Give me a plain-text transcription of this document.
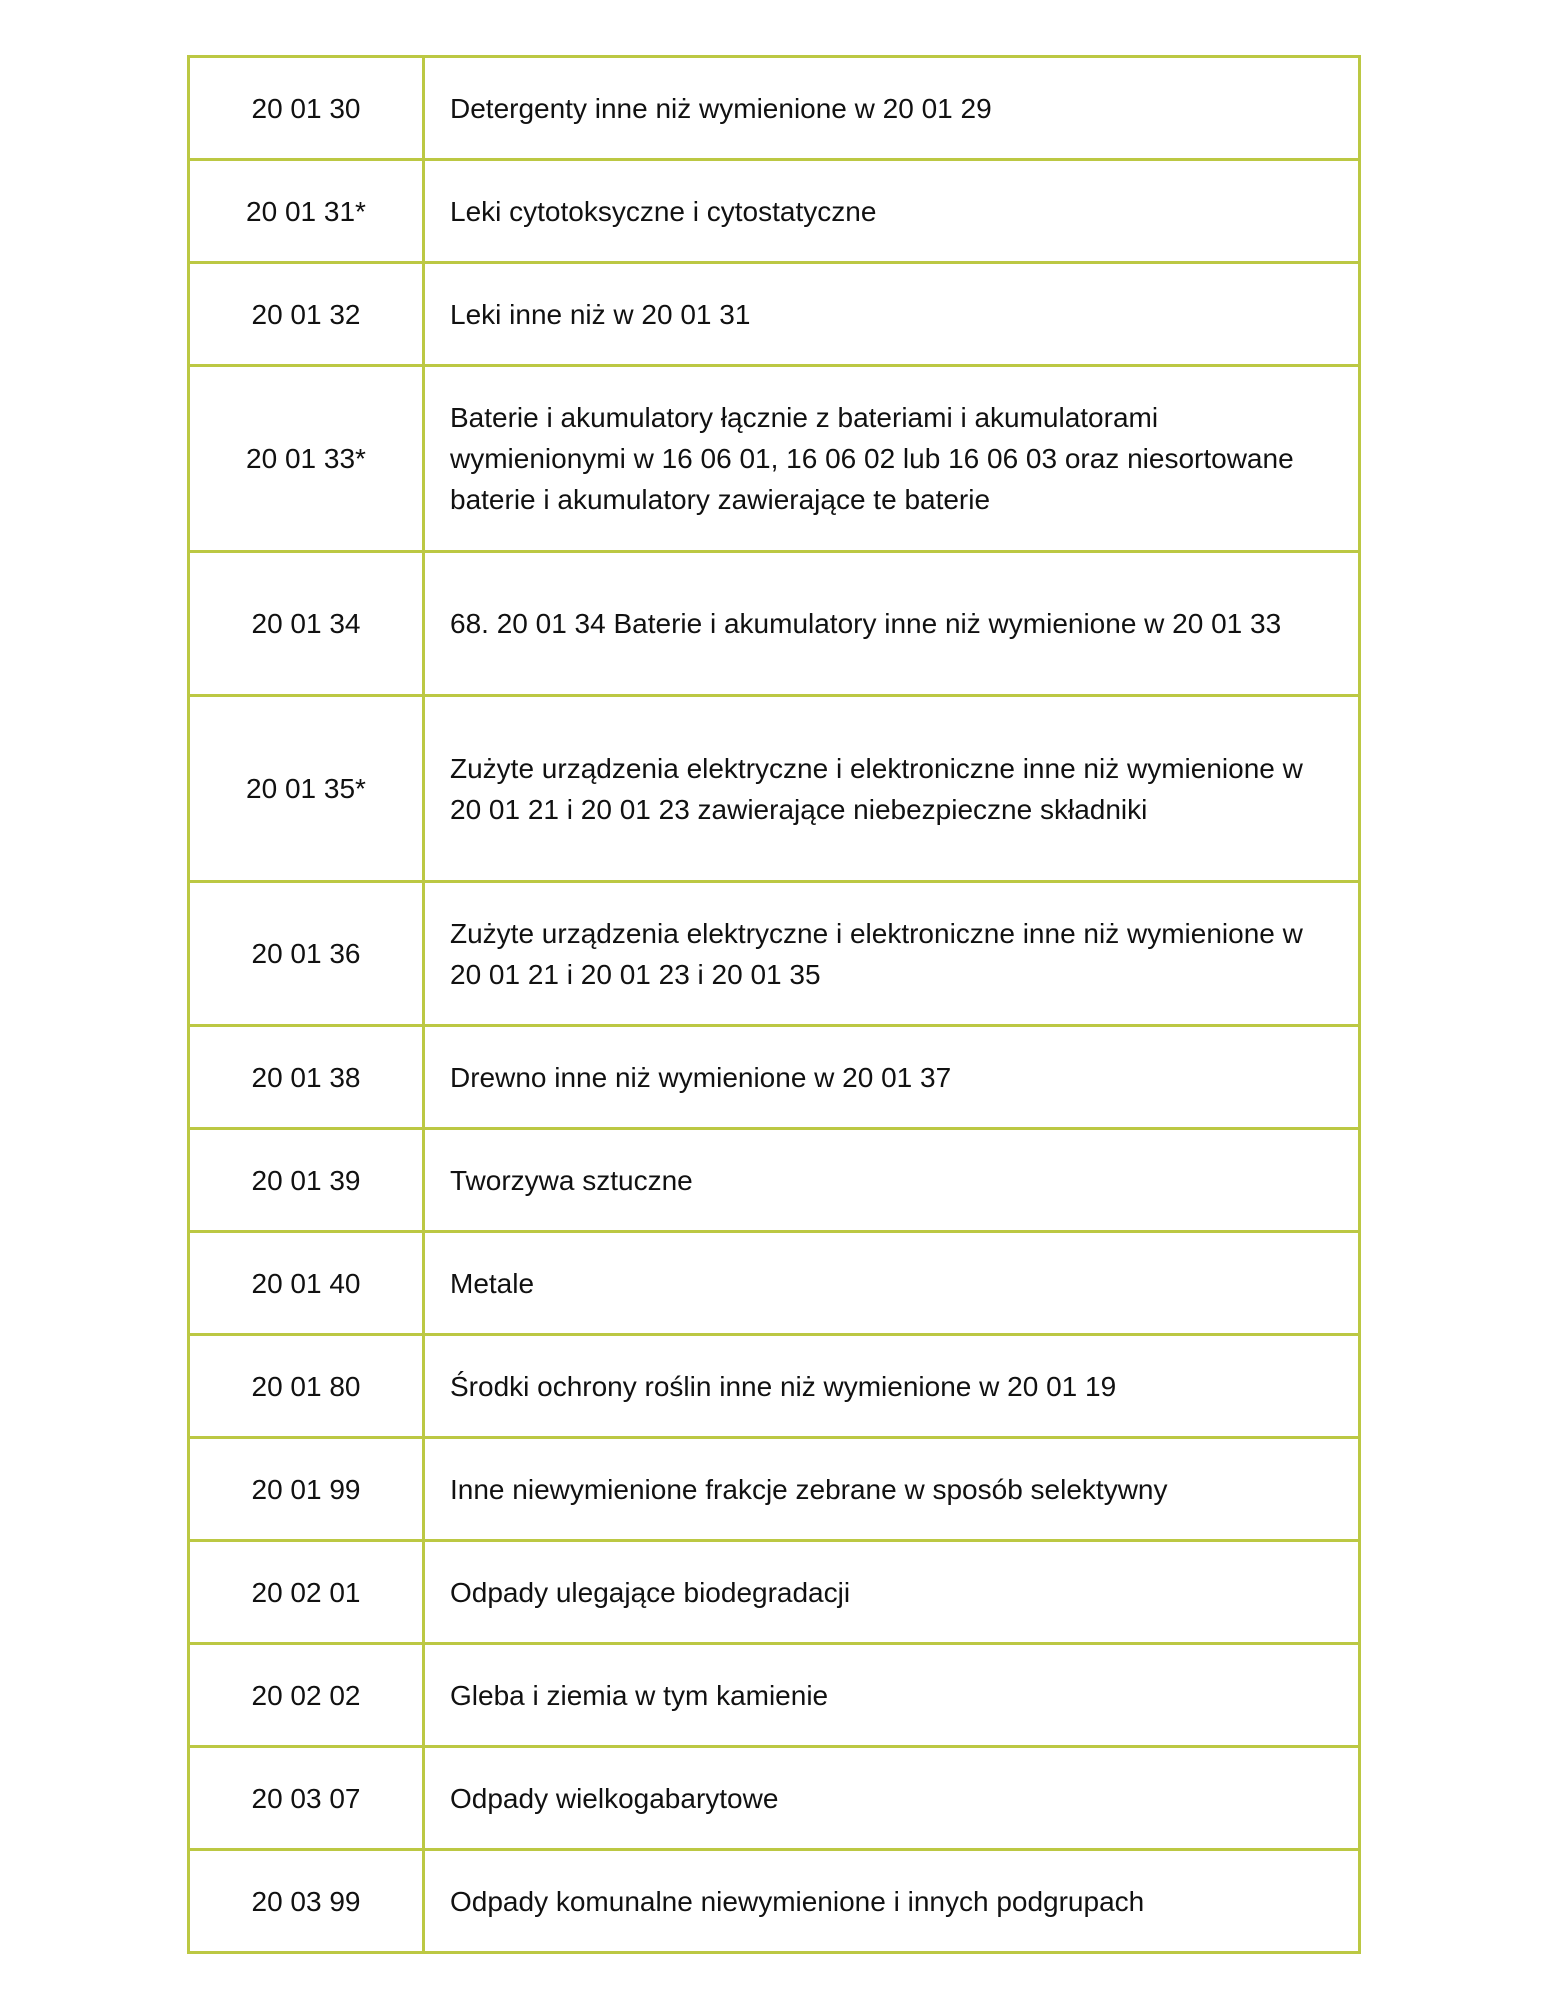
20 01 30	Detergenty inne niż wymienione w 20 01 29
20 01 31*	Leki cytotoksyczne i cytostatyczne
20 01 32	Leki inne niż w 20 01 31
20 01 33*	Baterie i akumulatory łącznie z bateriami i akumulatorami wymienionymi w 16 06 01, 16 06 02 lub 16 06 03 oraz niesortowane baterie i akumulatory zawierające te baterie
20 01 34	68. 20 01 34 Baterie i akumulatory inne niż wymienione w 20 01 33
20 01 35*	Zużyte urządzenia elektryczne i elektroniczne inne niż wymienione w 20 01 21 i 20 01 23 zawierające niebezpieczne składniki
20 01 36	Zużyte urządzenia elektryczne i elektroniczne inne niż wymienione w 20 01 21 i 20 01 23 i 20 01 35
20 01 38	Drewno inne niż wymienione w 20 01 37
20 01 39	Tworzywa sztuczne
20 01 40	Metale
20 01 80	Środki ochrony roślin inne niż wymienione w 20 01 19
20 01 99	Inne niewymienione frakcje zebrane w sposób selektywny
20 02 01	Odpady ulegające biodegradacji
20 02 02	Gleba i ziemia w tym kamienie
20 03 07	Odpady wielkogabarytowe
20 03 99	Odpady komunalne niewymienione i innych podgrupach
